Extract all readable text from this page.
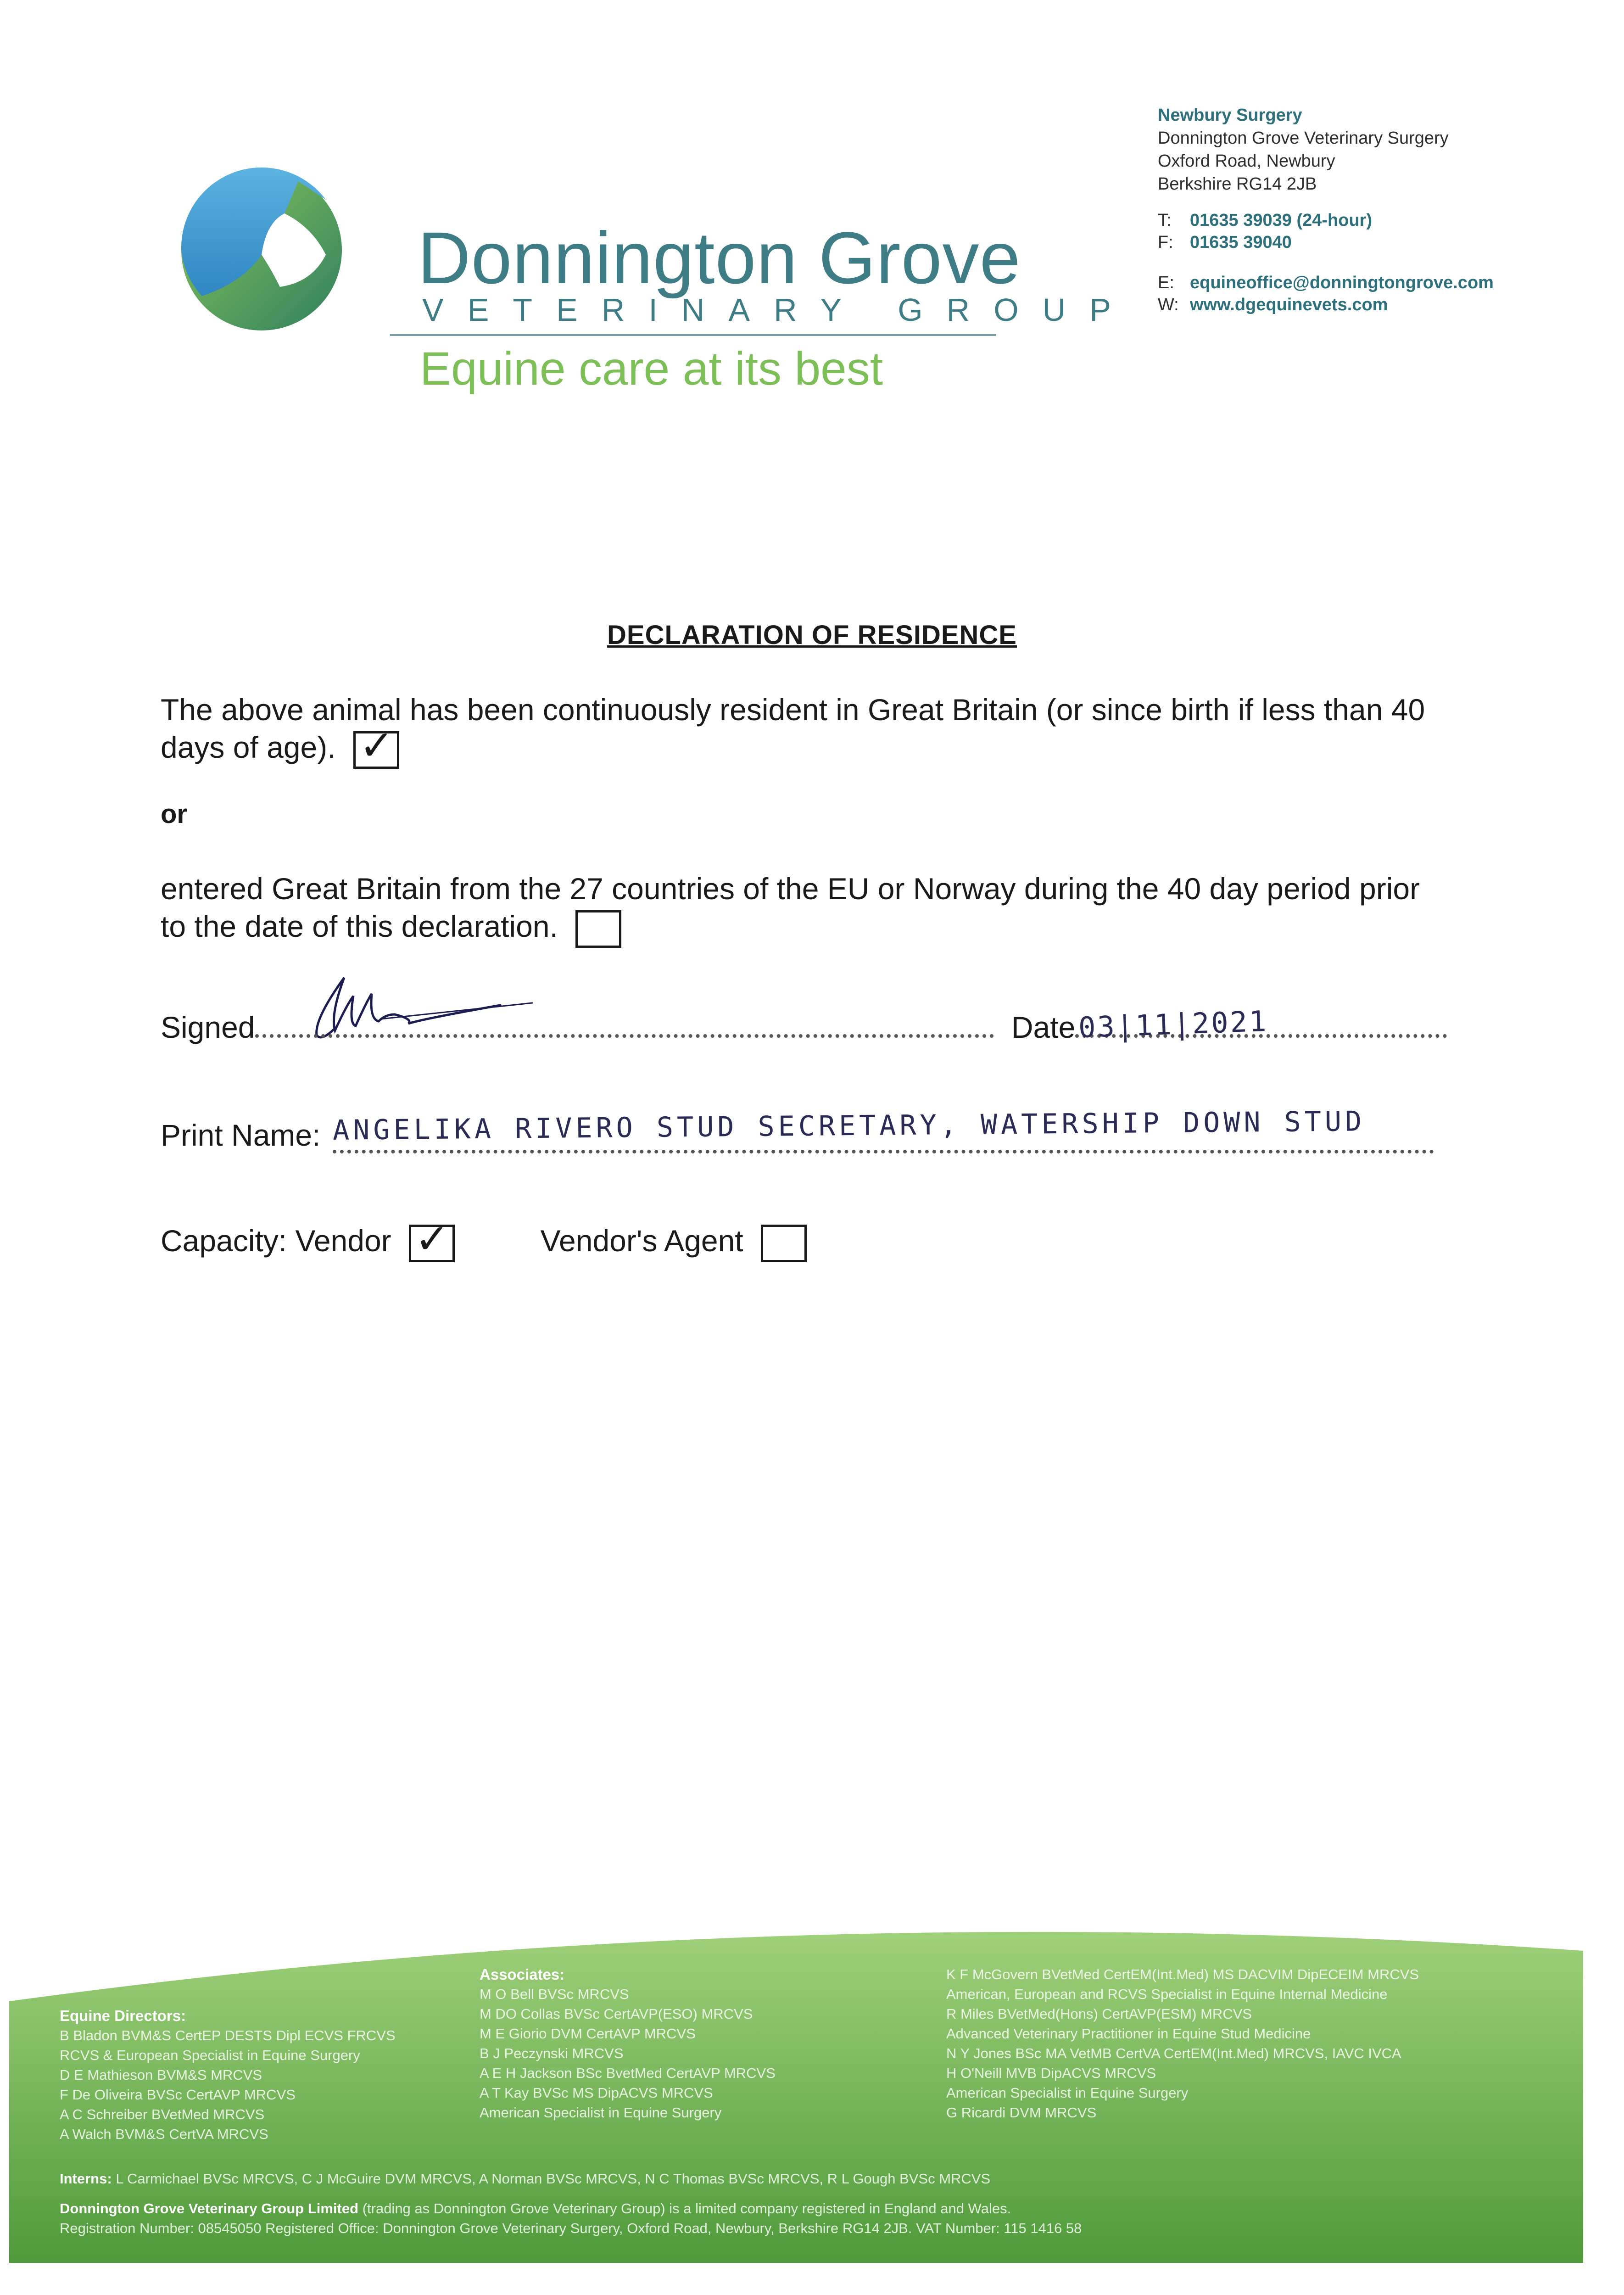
Donnington Grove
VETERINARY GROUP
Equine care at its best
Newbury Surgery
Donnington Grove Veterinary Surgery
Oxford Road, Newbury
Berkshire RG14 2JB
T: 01635 39039 (24-hour)
F: 01635 39040
E: equineoffice@donningtongrove.com
W: www.dgequinevets.com
DECLARATION OF RESIDENCE
The above animal has been continuously resident in Great Britain (or since birth if less than 40 days of age). ✓
or
entered Great Britain from the 27 countries of the EU or Norway during the 40 day period prior to the date of this declaration.
Signed	Date 03|11|2021
Print Name: ANGELIKA RIVERO STUD SECRETARY, WATERSHIP DOWN STUD
Capacity: Vendor ✓	Vendor's Agent
Equine Directors:
B Bladon BVM&S CertEP DESTS Dipl ECVS FRCVS
RCVS & European Specialist in Equine Surgery
D E Mathieson BVM&S MRCVS
F De Oliveira BVSc CertAVP MRCVS
A C Schreiber BVetMed MRCVS
A Walch BVM&S CertVA MRCVS
Associates:
M O Bell BVSc MRCVS
M DO Collas BVSc CertAVP(ESO) MRCVS
M E Giorio DVM CertAVP MRCVS
B J Peczynski MRCVS
A E H Jackson BSc BvetMed CertAVP MRCVS
A T Kay BVSc MS DipACVS MRCVS
American Specialist in Equine Surgery
K F McGovern BVetMed CertEM(Int.Med) MS DACVIM DipECEIM MRCVS
American, European and RCVS Specialist in Equine Internal Medicine
R Miles BVetMed(Hons) CertAVP(ESM) MRCVS
Advanced Veterinary Practitioner in Equine Stud Medicine
N Y Jones BSc MA VetMB CertVA CertEM(Int.Med) MRCVS, IAVC IVCA
H O'Neill MVB DipACVS MRCVS
American Specialist in Equine Surgery
G Ricardi DVM MRCVS
Interns: L Carmichael BVSc MRCVS, C J McGuire DVM MRCVS, A Norman BVSc MRCVS, N C Thomas BVSc MRCVS, R L Gough BVSc MRCVS
Donnington Grove Veterinary Group Limited (trading as Donnington Grove Veterinary Group) is a limited company registered in England and Wales.
Registration Number: 08545050 Registered Office: Donnington Grove Veterinary Surgery, Oxford Road, Newbury, Berkshire RG14 2JB. VAT Number: 115 1416 58
